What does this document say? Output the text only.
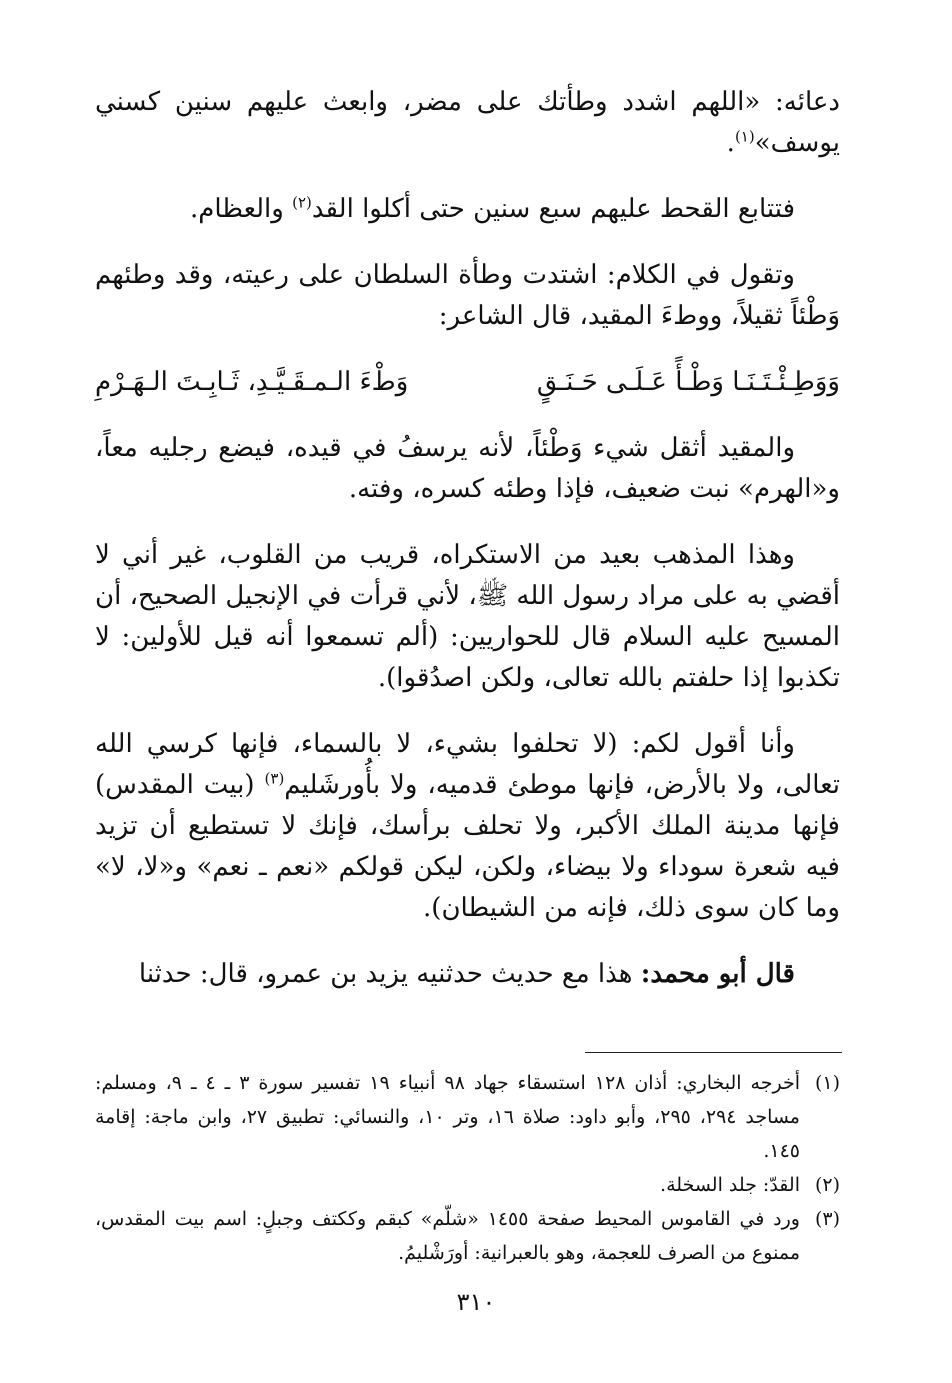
دعائه: «اللهم اشدد وطأتك على مضر، وابعث عليهم سنين كسني يوسف»$^{(١)}$.

فتتابع القحط عليهم سبع سنين حتى أكلوا القد$^{(٢)}$ والعظام.

وتقول في الكلام: اشتدت وطأة السلطان على رعيته، وقد وطئهم وَطْئاً ثقيلاً، ووطءَ المقيد، قال الشاعر:

وَوَطِـئْـتَـنَـا وَطْـأً عَـلَـى حَـنَـقٍ
وَطْءَ الـمـقَـيَّـدِ، ثَـابِـتَ الـهَـرْمِ

والمقيد أثقل شيء وَطْئاً، لأنه يرسفُ في قيده، فيضع رجليه معاً، و«الهرم» نبت ضعيف، فإذا وطئه كسره، وفته.

وهذا المذهب بعيد من الاستكراه، قريب من القلوب، غير أني لا أقضي به على مراد رسول الله ﷺ، لأني قرأت في الإنجيل الصحيح، أن المسيح عليه السلام قال للحواريين: (ألم تسمعوا أنه قيل للأولين: لا تكذبوا إذا حلفتم بالله تعالى، ولكن اصدُقوا).

وأنا أقول لكم: (لا تحلفوا بشيء، لا بالسماء، فإنها كرسي الله تعالى، ولا بالأرض، فإنها موطئ قدميه، ولا بأُورشَليم$^{(٣)}$ (بيت المقدس) فإنها مدينة الملك الأكبر، ولا تحلف برأسك، فإنك لا تستطيع أن تزيد فيه شعرة سوداء ولا بيضاء، ولكن، ليكن قولكم «نعم ـ نعم» و«لا، لا» وما كان سوى ذلك، فإنه من الشيطان).

قال أبو محمد: هذا مع حديث حدثنيه يزيد بن عمرو، قال: حدثنا

(١)
أخرجه البخاري: أذان ١٢٨ استسقاء جهاد ٩٨ أنبياء ١٩ تفسير سورة ٣ ـ ٤ ـ ٩، ومسلم: مساجد ٢٩٤، ٢٩٥، وأبو داود: صلاة ١٦، وتر ١٠، والنسائي: تطبيق ٢٧، وابن ماجة: إقامة ١٤٥.
(٢)
القدّ: جلد السخلة.
(٣)
ورد في القاموس المحيط صفحة ١٤٥٥ «شلّم» كبقم وككتف وجبلٍ: اسم بيت المقدس، ممنوع من الصرف للعجمة، وهو بالعبرانية: أورَشْليمُ.
٣١٠
